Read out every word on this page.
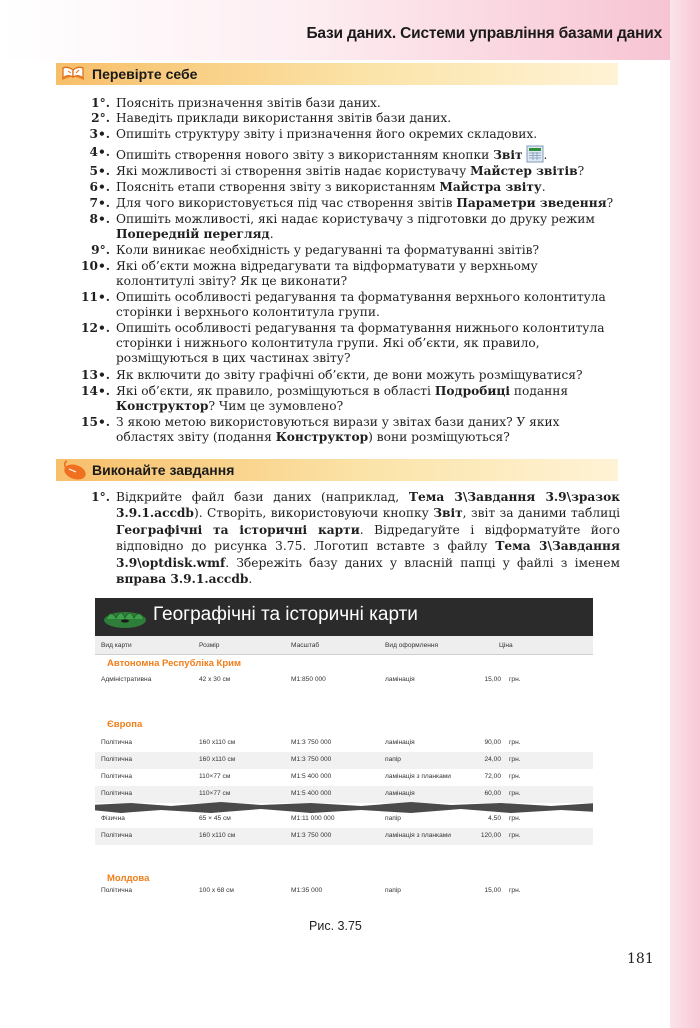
Бази даних. Системи управління базами даних
Перевірте себе
1°. Поясніть призначення звітів бази даних.
2°. Наведіть приклади використання звітів бази даних.
3•. Опишіть структуру звіту і призначення його окремих складових.
4•. Опишіть створення нового звіту з використанням кнопки Звіт .
5•. Які можливості зі створення звітів надає користувачу Майстер звітів?
6•. Поясніть етапи створення звіту з використанням Майстра звіту.
7•. Для чого використовується під час створення звітів Параметри зведення?
8•. Опишіть можливості, які надає користувачу з підготовки до друку режим Попередній перегляд.
9°. Коли виникає необхідність у редагуванні та форматуванні звітів?
10•. Які об’єкти можна відредагувати та відформатувати у верхньому колонтитулі звіту? Як це виконати?
11•. Опишіть особливості редагування та форматування верхнього колонтитула сторінки і верхнього колонтитула групи.
12•. Опишіть особливості редагування та форматування нижнього колонтитула сторінки і нижнього колонтитула групи. Які об’єкти, як правило, розміщуються в цих частинах звіту?
13•. Як включити до звіту графічні об’єкти, де вони можуть розміщуватися?
14•. Які об’єкти, як правило, розміщуються в області Подробиці подання Конструктор? Чим це зумовлено?
15•. З якою метою використовуються вирази у звітах бази даних? У яких областях звіту (подання Конструктор) вони розміщуються?
Виконайте завдання
1°. Відкрийте файл бази даних (наприклад, Тема 3\Завдання 3.9\зразок 3.9.1.accdb). Створіть, використовуючи кнопку Звіт, звіт за даними таблиці Географічні та історичні карти. Відредагуйте і відформатуйте його відповідно до рисунка 3.75. Логотип вставте з файлу Тема 3\Завдання 3.9\optdisk.wmf. Збережіть базу даних у власній папці у файлі з іменем вправа 3.9.1.accdb.
Географічні та історичні карти
Вид карти	Розмір	Масштаб	Вид оформлення	Ціна
Автономна Республіка Крим
Адміністративна	42 x 30 см	М1:850 000	ламінація	15,00 грн.
Європа
Політична	160 x110 см	М1:3 750 000	ламінація	90,00 грн.
Політична	160 x110 см	М1:3 750 000	папір	24,00 грн.
Політична	110×77 см	М1:5 400 000	ламінація з планками	72,00 грн.
Політична	110×77 см	М1:5 400 000	ламінація	60,00 грн.
Фізична	65 × 45 см	М1:11 000 000	папір	4,50 грн.
Політична	160 x110 см	М1:3 750 000	ламінація з планками	120,00 грн.
Молдова
Політична	100 x 68 см	М1:35 000	папір	15,00 грн.
Рис. 3.75
181
